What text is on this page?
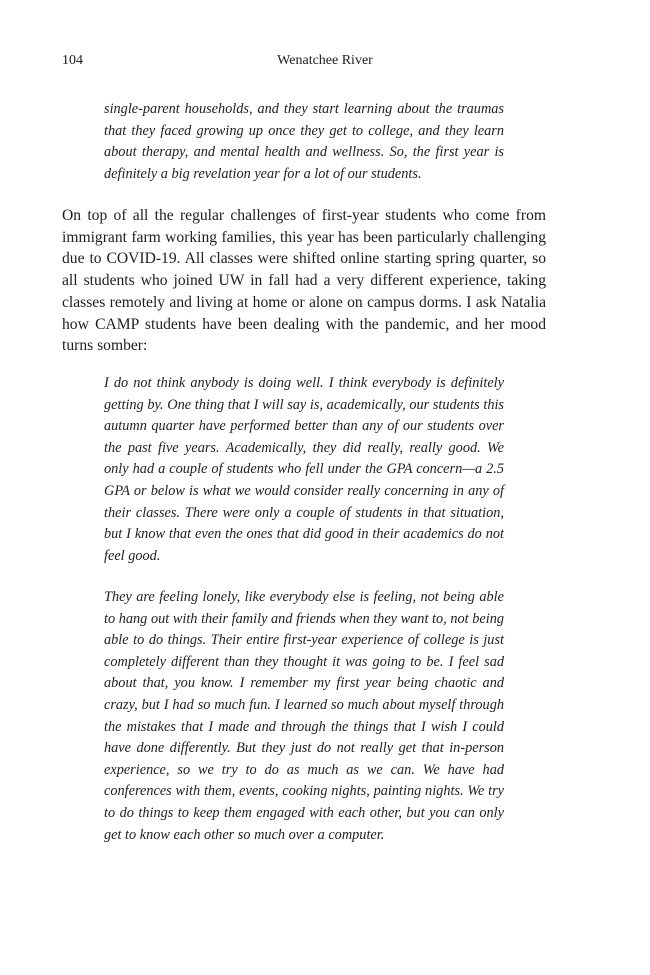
104	Wenatchee River

single-parent households, and they start learning about the traumas that they faced growing up once they get to college, and they learn about therapy, and mental health and wellness. So, the first year is definitely a big revelation year for a lot of our students.

On top of all the regular challenges of first-year students who come from immigrant farm working families, this year has been particularly challenging due to COVID-19. All classes were shifted online starting spring quarter, so all students who joined UW in fall had a very different experience, taking classes remotely and living at home or alone on campus dorms. I ask Natalia how CAMP students have been dealing with the pandemic, and her mood turns somber:

I do not think anybody is doing well. I think everybody is definitely getting by. One thing that I will say is, academically, our students this autumn quarter have performed better than any of our students over the past five years. Academically, they did really, really good. We only had a couple of students who fell under the GPA concern—a 2.5 GPA or below is what we would consider really concerning in any of their classes. There were only a couple of students in that situation, but I know that even the ones that did good in their academics do not feel good.

They are feeling lonely, like everybody else is feeling, not being able to hang out with their family and friends when they want to, not being able to do things. Their entire first-year experience of college is just completely different than they thought it was going to be. I feel sad about that, you know. I remember my first year being chaotic and crazy, but I had so much fun. I learned so much about myself through the mistakes that I made and through the things that I wish I could have done differently. But they just do not really get that in-person experience, so we try to do as much as we can. We have had conferences with them, events, cooking nights, painting nights. We try to do things to keep them engaged with each other, but you can only get to know each other so much over a computer.
